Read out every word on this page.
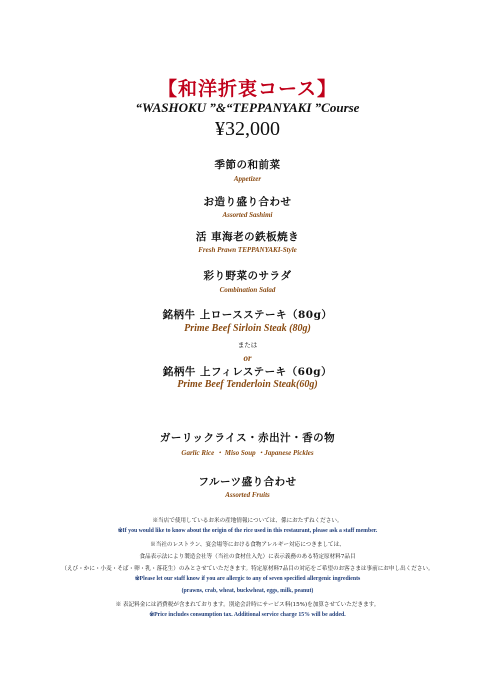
【和洋折衷コース】
“WASHOKU ”&“TEPPANYAKI ”Course
¥32,000
季節の和前菜
Appetizer
お造り盛り合わせ
Assorted Sashimi
活 車海老の鉄板焼き
Fresh Prawn TEPPANYAKI-Style
彩り野菜のサラダ
Combination Salad
銘柄牛 上ロースステーキ（80g）
Prime Beef Sirloin Steak (80g)
または
or
銘柄牛 上フィレステーキ（60g）
Prime Beef Tenderloin Steak(60g)
ガーリックライス・赤出汁・香の物
Garlic Rice ・ Miso Soup ・Japanese Pickles
フルーツ盛り合わせ
Assorted Fruits
※当店で使用しているお米の産地情報については、係におたずねください。
※If you would like to know about the origin of the rice used in this restaurant, please ask a staff member.
※当社のレストラン、宴会場等における食物アレルギー対応につきましては、
食品表示法により製造会社等（当社の食材仕入先）に表示義務のある特定原材料7品目
（えび・かに・小麦・そば・卵・乳・落花生）のみとさせていただきます。特定原材料7品目の対応をご希望のお客さまは事前にお申し出ください。
※Please let our staff know if you are allergic to any of seven specified allergenic ingredients
(prawns, crab, wheat, buckwheat, eggs, milk, peanut)
※ 表記料金には消費税が含まれております。別途会計時にサービス料(15%)を加算させていただきます。
※Price includes consumption tax. Additional service charge 15% will be added.
